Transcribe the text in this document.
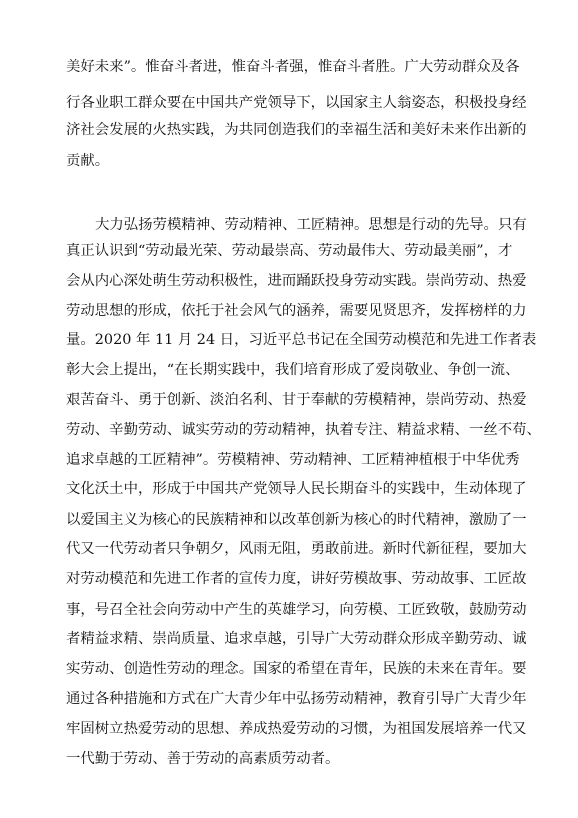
美好未来”。惟奋斗者进，惟奋斗者强，惟奋斗者胜。广大劳动群众及各
行各业职工群众要在中国共产党领导下，以国家主人翁姿态，积极投身经
济社会发展的火热实践，为共同创造我们的幸福生活和美好未来作出新的
贡献。
大力弘扬劳模精神、劳动精神、工匠精神。思想是行动的先导。只有
真正认识到“劳动最光荣、劳动最崇高、劳动最伟大、劳动最美丽”，才
会从内心深处萌生劳动积极性，进而踊跃投身劳动实践。崇尚劳动、热爱
劳动思想的形成，依托于社会风气的涵养，需要见贤思齐，发挥榜样的力
量。2020 年 11 月 24 日，习近平总书记在全国劳动模范和先进工作者表
彰大会上提出，“在长期实践中，我们培育形成了爱岗敬业、争创一流、
艰苦奋斗、勇于创新、淡泊名利、甘于奉献的劳模精神，崇尚劳动、热爱
劳动、辛勤劳动、诚实劳动的劳动精神，执着专注、精益求精、一丝不苟、
追求卓越的工匠精神”。劳模精神、劳动精神、工匠精神植根于中华优秀
文化沃土中，形成于中国共产党领导人民长期奋斗的实践中，生动体现了
以爱国主义为核心的民族精神和以改革创新为核心的时代精神，激励了一
代又一代劳动者只争朝夕，风雨无阻，勇敢前进。新时代新征程，要加大
对劳动模范和先进工作者的宣传力度，讲好劳模故事、劳动故事、工匠故
事，号召全社会向劳动中产生的英雄学习，向劳模、工匠致敬，鼓励劳动
者精益求精、崇尚质量、追求卓越，引导广大劳动群众形成辛勤劳动、诚
实劳动、创造性劳动的理念。国家的希望在青年，民族的未来在青年。要
通过各种措施和方式在广大青少年中弘扬劳动精神，教育引导广大青少年
牢固树立热爱劳动的思想、养成热爱劳动的习惯，为祖国发展培养一代又
一代勤于劳动、善于劳动的高素质劳动者。
